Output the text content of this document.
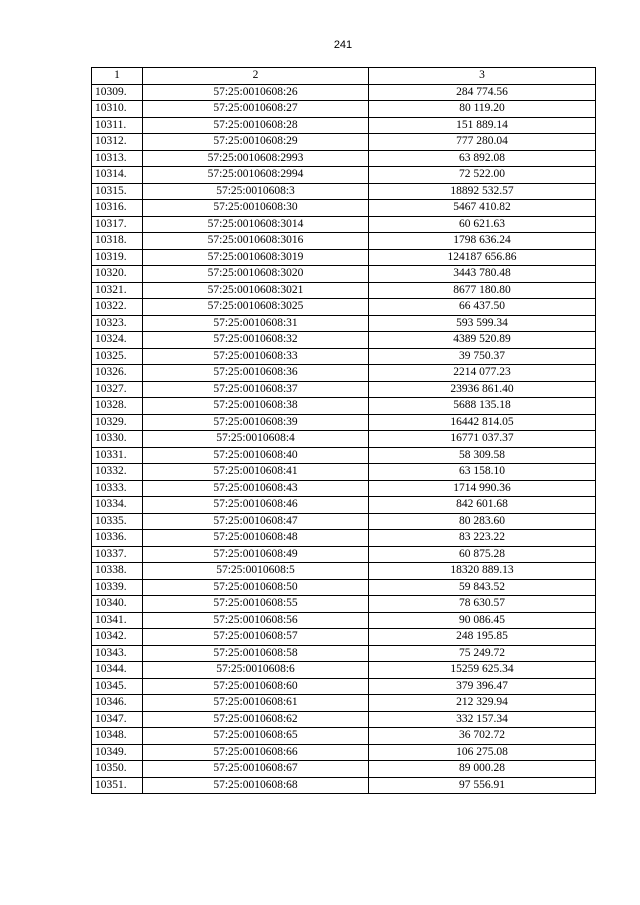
241
1	2	3
10309.	57:25:0010608:26	284 774.56
10310.	57:25:0010608:27	80 119.20
10311.	57:25:0010608:28	151 889.14
10312.	57:25:0010608:29	777 280.04
10313.	57:25:0010608:2993	63 892.08
10314.	57:25:0010608:2994	72 522.00
10315.	57:25:0010608:3	18892 532.57
10316.	57:25:0010608:30	5467 410.82
10317.	57:25:0010608:3014	60 621.63
10318.	57:25:0010608:3016	1798 636.24
10319.	57:25:0010608:3019	124187 656.86
10320.	57:25:0010608:3020	3443 780.48
10321.	57:25:0010608:3021	8677 180.80
10322.	57:25:0010608:3025	66 437.50
10323.	57:25:0010608:31	593 599.34
10324.	57:25:0010608:32	4389 520.89
10325.	57:25:0010608:33	39 750.37
10326.	57:25:0010608:36	2214 077.23
10327.	57:25:0010608:37	23936 861.40
10328.	57:25:0010608:38	5688 135.18
10329.	57:25:0010608:39	16442 814.05
10330.	57:25:0010608:4	16771 037.37
10331.	57:25:0010608:40	58 309.58
10332.	57:25:0010608:41	63 158.10
10333.	57:25:0010608:43	1714 990.36
10334.	57:25:0010608:46	842 601.68
10335.	57:25:0010608:47	80 283.60
10336.	57:25:0010608:48	83 223.22
10337.	57:25:0010608:49	60 875.28
10338.	57:25:0010608:5	18320 889.13
10339.	57:25:0010608:50	59 843.52
10340.	57:25:0010608:55	78 630.57
10341.	57:25:0010608:56	90 086.45
10342.	57:25:0010608:57	248 195.85
10343.	57:25:0010608:58	75 249.72
10344.	57:25:0010608:6	15259 625.34
10345.	57:25:0010608:60	379 396.47
10346.	57:25:0010608:61	212 329.94
10347.	57:25:0010608:62	332 157.34
10348.	57:25:0010608:65	36 702.72
10349.	57:25:0010608:66	106 275.08
10350.	57:25:0010608:67	89 000.28
10351.	57:25:0010608:68	97 556.91
